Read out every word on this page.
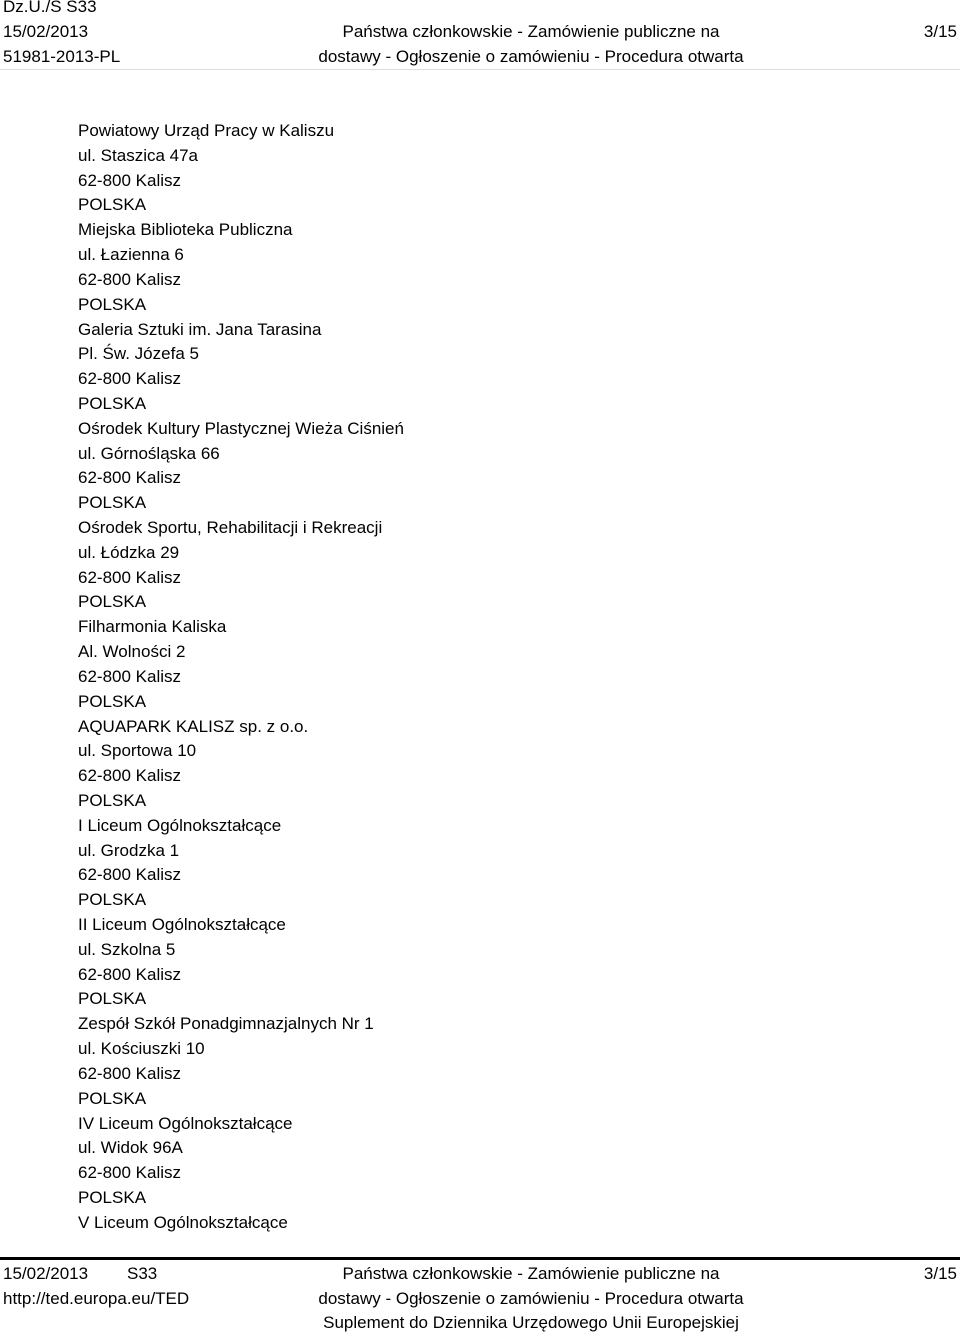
Dz.U./S S33
15/02/2013
51981-2013-PL
Państwa członkowskie - Zamówienie publiczne na
dostawy - Ogłoszenie o zamówieniu - Procedura otwarta
3/15
Powiatowy Urząd Pracy w Kaliszu
ul. Staszica 47a
62-800 Kalisz
POLSKA
Miejska Biblioteka Publiczna
ul. Łazienna 6
62-800 Kalisz
POLSKA
Galeria Sztuki im. Jana Tarasina
Pl. Św. Józefa 5
62-800 Kalisz
POLSKA
Ośrodek Kultury Plastycznej Wieża Ciśnień
ul. Górnośląska 66
62-800 Kalisz
POLSKA
Ośrodek Sportu, Rehabilitacji i Rekreacji
ul. Łódzka 29
62-800 Kalisz
POLSKA
Filharmonia Kaliska
Al. Wolności 2
62-800 Kalisz
POLSKA
AQUAPARK KALISZ sp. z o.o.
ul. Sportowa 10
62-800 Kalisz
POLSKA
I Liceum Ogólnokształcące
ul. Grodzka 1
62-800 Kalisz
POLSKA
II Liceum Ogólnokształcące
ul. Szkolna 5
62-800 Kalisz
POLSKA
Zespół Szkół Ponadgimnazjalnych Nr 1
ul. Kościuszki 10
62-800 Kalisz
POLSKA
IV Liceum Ogólnokształcące
ul. Widok 96A
62-800 Kalisz
POLSKA
V Liceum Ogólnokształcące
15/02/2013 S33
http://ted.europa.eu/TED
Państwa członkowskie - Zamówienie publiczne na
dostawy - Ogłoszenie o zamówieniu - Procedura otwarta
Suplement do Dziennika Urzędowego Unii Europejskiej
3/15
